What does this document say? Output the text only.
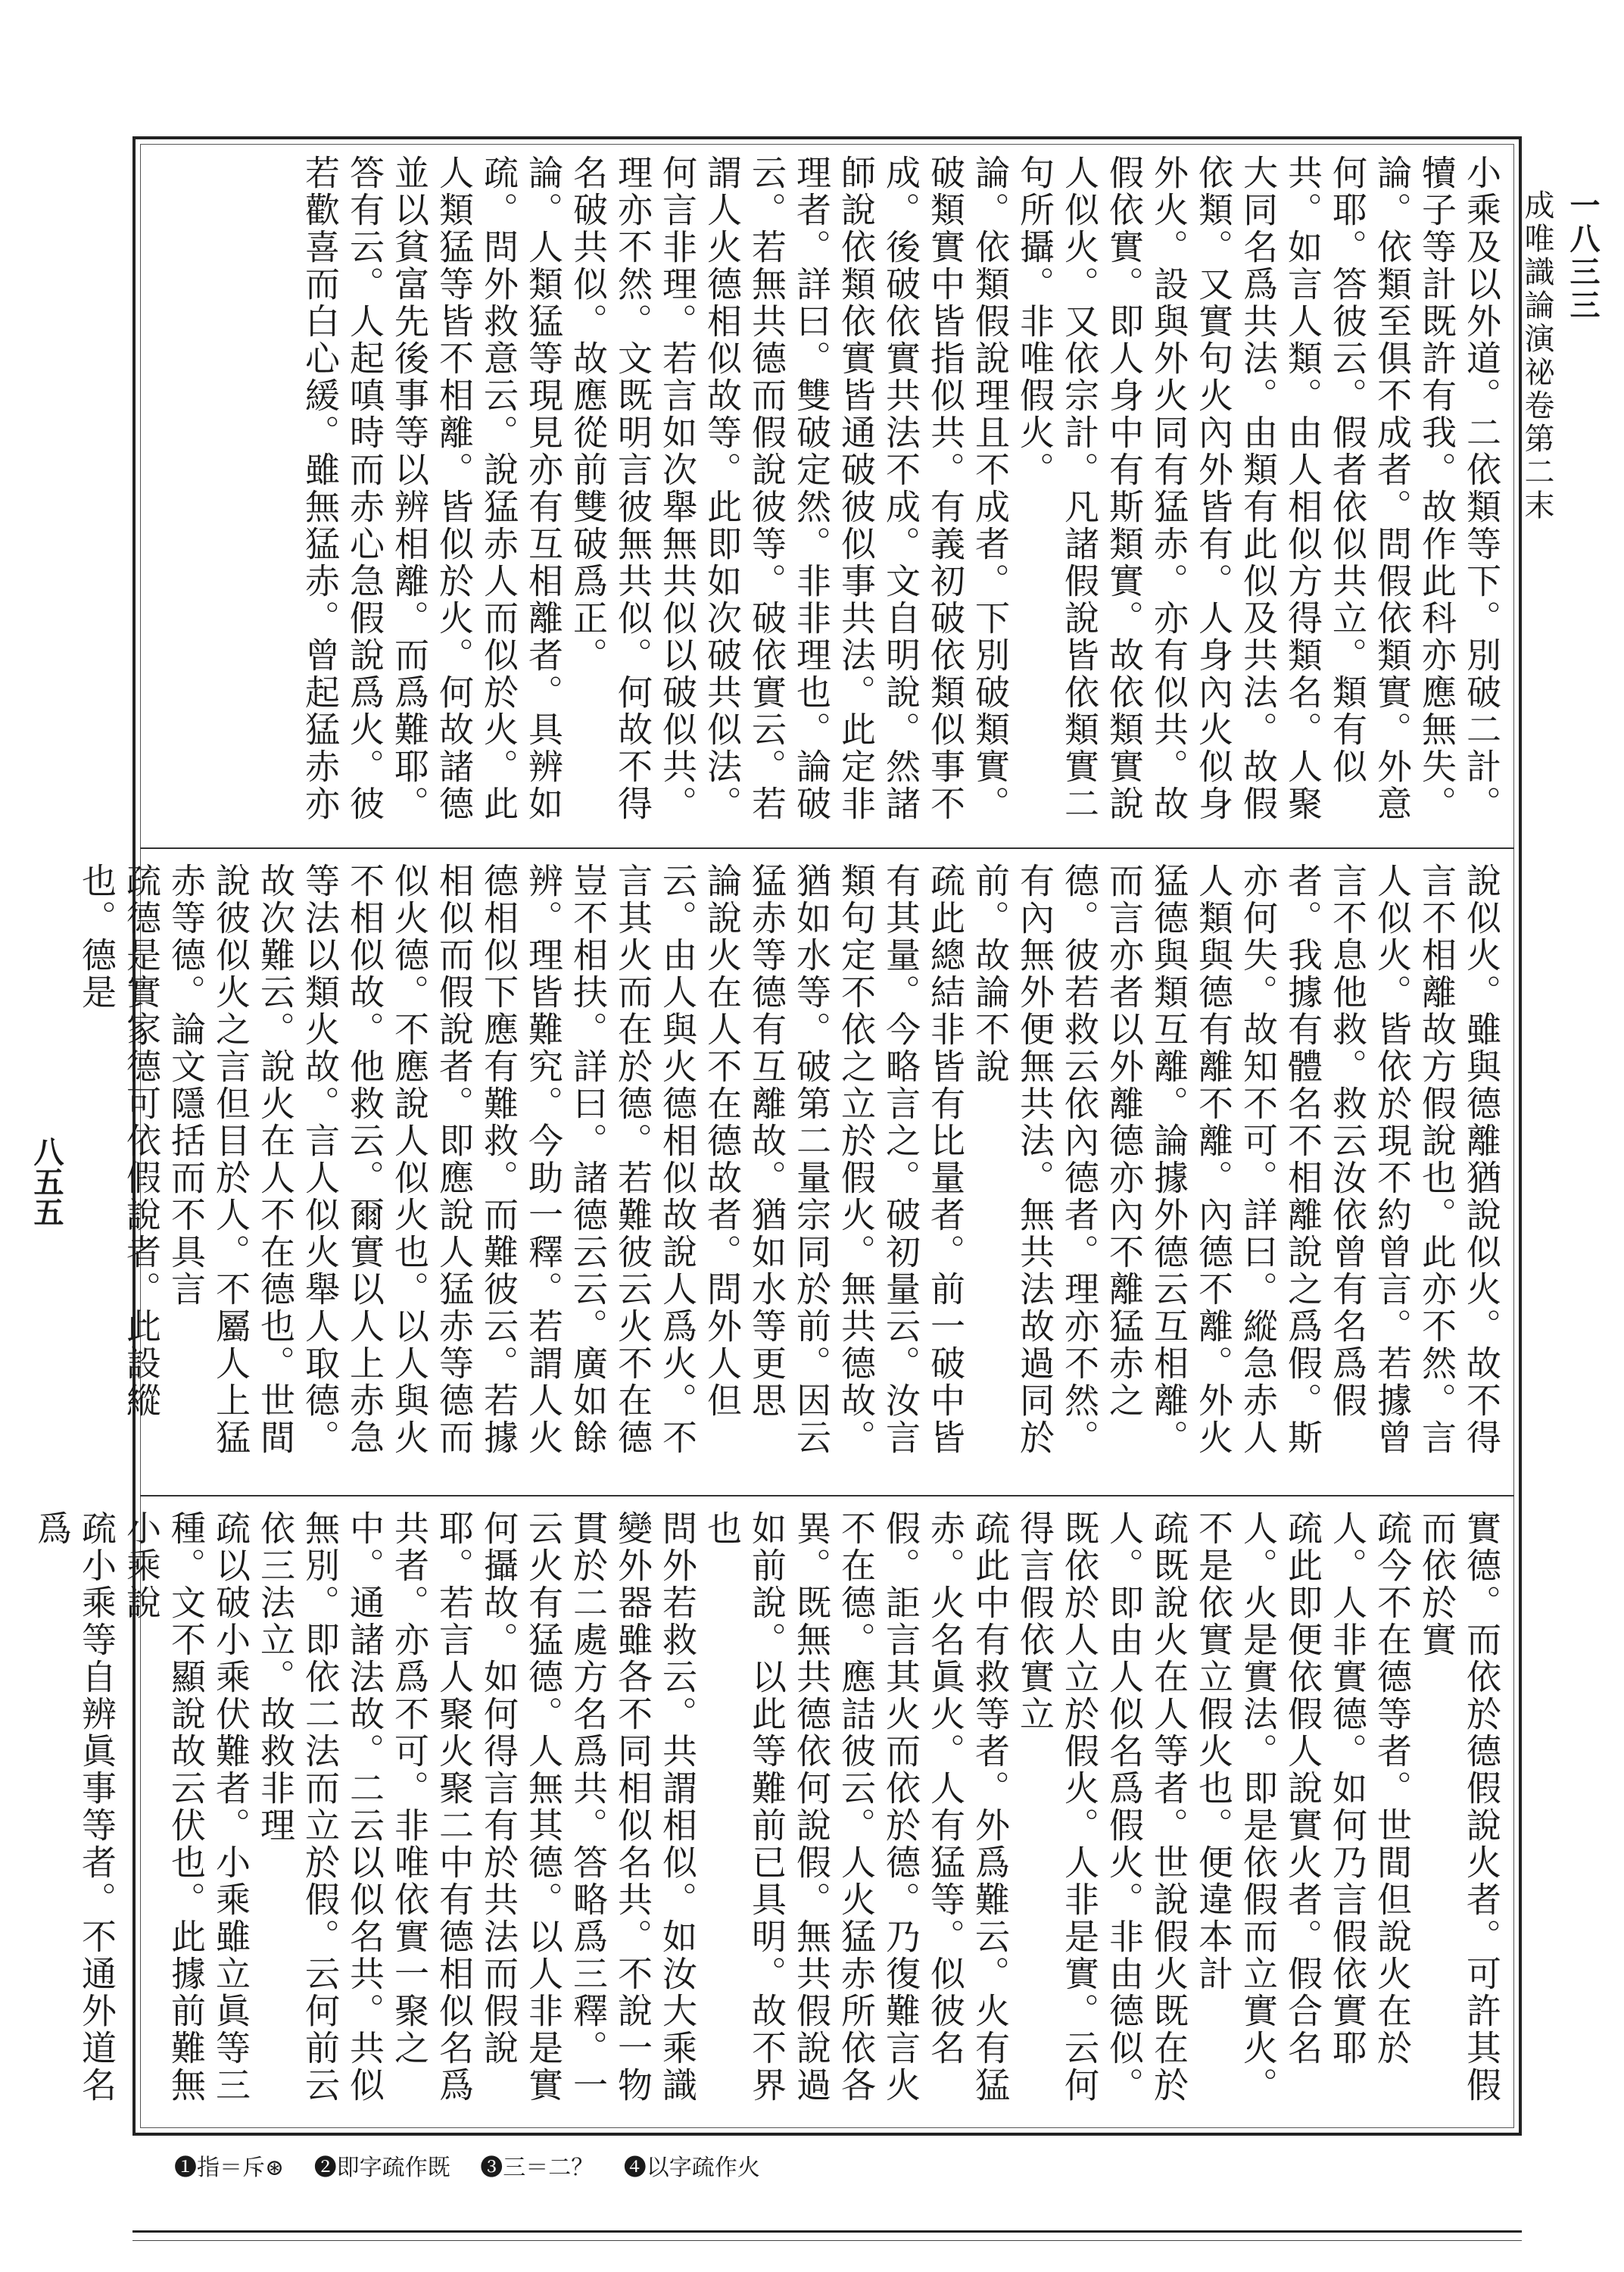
一八三三
成唯識論演祕卷第二末
八五五

小乘及以外道。二依類等下。別破二計。犢子等計既許有我。故作此科亦應無失。

論。依類至俱不成者。問假依類實。外意何耶。答彼云。假者依似共立。類有似共。如言人類。由人相似方得類名。人聚大同名爲共法。由類有此似及共法。故假依類。又實句火內外皆有。人身內火似身外火。設與外火同有猛赤。亦有似共。故假依實。即人身中有斯類實。故依類實說人似火。又依宗計。凡諸假說皆依類實二句所攝。非唯假火。

論。依類假說理且不成者。下別破類實。破類實中皆指似共。有義初破依類似事不成。後破依實共法不成。文自明說。然諸師說依類依實皆通破彼似事共法。此定非理者。詳曰。雙破定然。非非理也。論破云。若無共德而假說彼等。破依實云。若謂人火德相似故等。此即如次破共似法。何言非理。若言如次舉無共似以破似共。理亦不然。文既明言彼無共似。何故不得名破共似。故應從前雙破爲正。

論。人類猛等現見亦有互相離者。具辨如疏。問外救意云。說猛赤人而似於火。此人類猛等皆不相離。皆似於火。何故諸德並以貧富先後事等以辨相離。而爲難耶。答有云。人起嗔時而赤心急假說爲火。彼若歡喜而白心緩。雖無猛赤。曾起猛赤亦

說似火。雖與德離猶說似火。故不得言不相離故方假說也。此亦不然。言人似火。皆依於現不約曾言。若據曾言不息他救。救云汝依曾有名爲假者。我據有體名不相離說之爲假。斯亦何失。故知不可。詳曰。縱急赤人人類與德有離不離。內德不離。外火猛德與類互離。論據外德云互相離。而言亦者以外離德亦內不離猛赤之德。彼若救云依內德者。理亦不然。有內無外便無共法。無共法故過同於前。故論不說

疏此總結非皆有比量者。前一破中皆有其量。今略言之。破初量云。汝言類句定不依之立於假火。無共德故。猶如水等。破第二量宗同於前。因云猛赤等德有互離故。猶如水等更思

論說火在人不在德故者。問外人但云。由人與火德相似故說人爲火。不言其火而在於德。若難彼云火不在德豈不相扶。詳曰。諸德云云。廣如餘辨。理皆難究。今助一釋。若謂人火德相似下應有難救。而難彼云。若據相似而假說者。即應說人猛赤等德而似火德。不應說人似火也。以人與火不相似故。他救云。爾實以人上赤急等法以類火故。言人似火舉人取德。故次難云。說火在人不在德也。世間說彼似火之言但目於人。不屬人上猛赤等德。論文隱括而不具言

疏德是實家德可依假說者。此設縱也。德是

實德。而依於德假說火者。可許其假而依於實

疏今不在德等者。世間但說火在於人。人非實德。如何乃言假依實耶

疏此即便依假人說實火者。假合名人。火是實法。即是依假而立實火。不是依實立假火也。便違本計

疏既說火在人等者。世說假火既在於人。即由人似名爲假火。非由德似。既依於人立於假火。人非是實。云何得言假依實立

疏此中有救等者。外爲難云。火有猛赤。火名眞火。人有猛等。似彼名假。詎言其火而依於德。乃復難言火不在德。應詰彼云。人火猛赤所依各異。既無共德依何說假。無共假說過如前說。以此等難前已具明。故不界也

問外若救云。共謂相似。如汝大乘識變外器雖各不同相似名共。不說一物貫於二處方名爲共。答略爲三釋。一云火有猛德。人無其德。以人非是實何攝故。如何得言有於共法而假說耶。若言人聚火聚二中有德相似名爲共者。亦爲不可。非唯依實一聚之中。通諸法故。二云以似名共。共似無別。即依二法而立於假。云何前云依三法立。故救非理

疏以破小乘伏難者。小乘雖立眞等三種。文不顯說故云伏也。此據前難無小乘說

疏小乘等自辨眞事等者。不通外道名爲

❶指＝斥⊛  ❷即字疏作既  ❸三＝二？  ❹以字疏作火
